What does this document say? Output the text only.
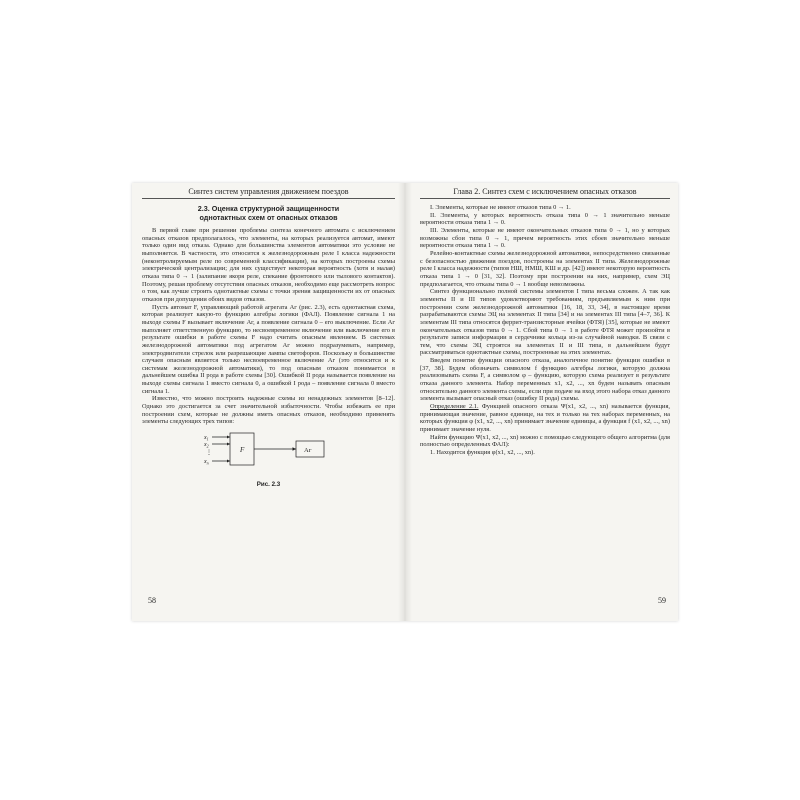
Синтез систем управления движением поездов
2.3. Оценка структурной защищенности
однотактных схем от опасных отказов

В первой главе при решении проблемы синтеза конечного автомата с исключением опасных отказов предполагалось, что элементы, на которых реализуется автомат, имеют только один вид отказа. Однако для большинства элементов автоматики это условие не выполняется. В частности, это относится к железнодорожным реле I класса надежности (неконтролируемым реле по современной классификации), на которых построены схемы электрической централизации; для них существует некоторая вероятность (хотя и малая) отказа типа 0 → 1 (залипание якоря реле, спекание фронтового или тылового контактов). Поэтому, решая проблему отсутствия опасных отказов, необходимо еще рассмотреть вопрос о том, как лучше строить однотактные схемы с точки зрения защищенности их от опасных отказов при допущении обоих видов отказов.

Пусть автомат F, управляющий работой агрегата Аг (рис. 2.3), есть однотактная схема, которая реализует какую-то функцию алгебры логики (ФАЛ). Появление сигнала 1 на выходе схемы F вызывает включение Аг, а появление сигнала 0 – его выключение. Если Аг выполняет ответственную функцию, то несвоевременное включение или выключение его в результате ошибки в работе схемы F надо считать опасным явлением. В системах железнодорожной автоматики под агрегатом Аг можно подразумевать, например, электродвигатели стрелок или разрешающие лампы светофоров. Поскольку в большинстве случаев опасным является только несвоевременное включение Аг (это относится и к системам железнодорожной автоматики), то под опасным отказом понимается в дальнейшем ошибка II рода в работе схемы [30]. Ошибкой II рода называется появление на выходе схемы сигнала 1 вместо сигнала 0, а ошибкой I рода – появление сигнала 0 вместо сигнала 1.

Известно, что можно построить надежные схемы из ненадежных элементов [8–12]. Однако это достигается за счет значительной избыточности. Чтобы избежать ее при построении схем, которые не должны иметь опасных отказов, необходимо применять элементы следующих трех типов:

$x_1$
$x_2$
⋮
$x_n$
F	Аг
Рис. 2.3
58
Глава 2. Синтез схем с исключением опасных отказов

I. Элементы, которые не имеют отказов типа 0 → 1.

II. Элементы, у которых вероятность отказа типа 0 → 1 значительно меньше вероятности отказа типа 1 → 0.

III. Элементы, которые не имеют окончательных отказов типа 0 → 1, но у которых возможны сбои типа 0 → 1, причем вероятность этих сбоев значительно меньше вероятности отказа типа 1 → 0.

Релейно-контактные схемы железнодорожной автоматики, непосредственно связанные с безопасностью движения поездов, построены на элементах II типа. Железнодорожные реле I класса надежности (типов НШ, НМШ, КШ и др. [42]) имеют некоторую вероятность отказа типа 1 → 0 [31, 32]. Поэтому при построении на них, например, схем ЭЦ предполагается, что отказы типа 0 → 1 вообще невозможны.

Синтез функционально полной системы элементов I типа весьма сложен. А так как элементы II и III типов удовлетворяют требованиям, предъявляемым к ним при построении схем железнодорожной автоматики [16, 18, 33, 34], в настоящее время разрабатываются схемы ЭЦ на элементах II типа [34] и на элементах III типа [4–7, 36]. К элементам III типа относятся феррит-транзисторные ячейки (ФТЯ) [35], которые не имеют окончательных отказов типа 0 → 1. Сбой типа 0 → 1 в работе ФТЯ может произойти в результате записи информации в сердечнике кольца из-за случайной наводки. В связи с тем, что схемы ЭЦ строятся на элементах II и III типа, в дальнейшем будут рассматриваться однотактные схемы, построенные на этих элементах.

Введем понятие функции опасного отказа, аналогичное понятие функции ошибки в [37, 38]. Будем обозначать символом f функцию алгебры логики, которую должна реализовывать схема F, а символом φ – функцию, которую схема реализует в результате отказа данного элемента. Набор переменных x1, x2, ..., xn будем называть опасным относительно данного элемента схемы, если при подаче на вход этого набора отказ данного элемента вызывает опасный отказ (ошибку II рода) схемы.

Определение 2.1. Функцией опасного отказа Ψ(x1, x2, ..., xn) называется функция, принимающая значение, равное единице, на тех и только на тех наборах переменных, на которых функция φ (x1, x2, ..., xn) принимает значение единицы, а функция f (x1, x2, ..., xn) принимает значение нуля.

Найти функцию Ψ(x1, x2, ..., xn) можно с помощью следующего общего алгоритма (для полностью определенных ФАЛ):

1. Находится функция φ(x1, x2, ..., xn).

59
